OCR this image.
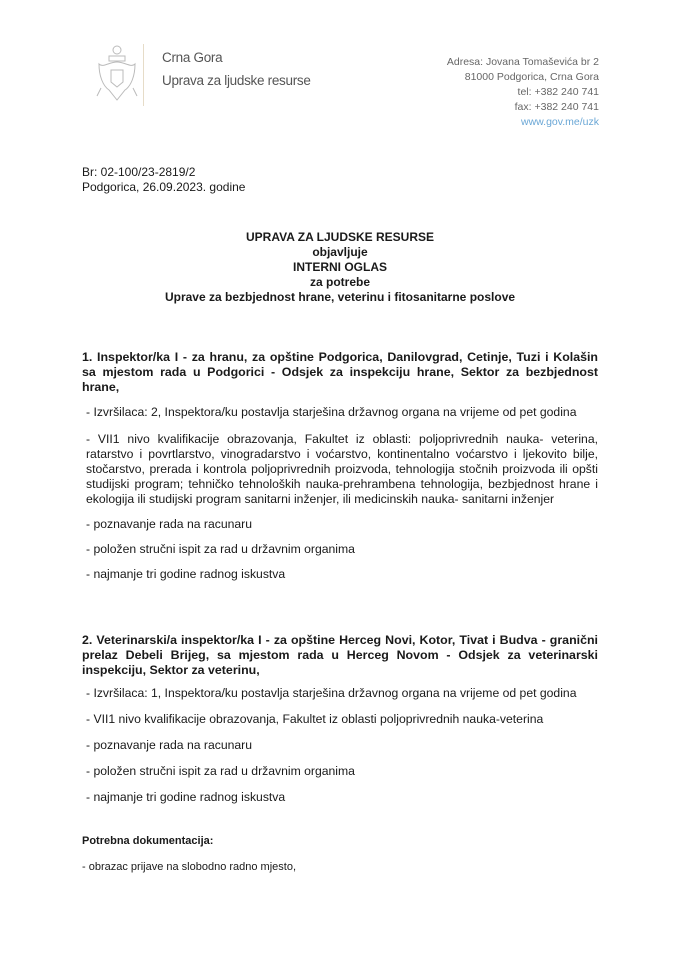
Crna Gora
Uprava za ljudske resurse
Adresa: Jovana Tomaševića br 2
81000 Podgorica, Crna Gora
tel: +382 240 741
fax: +382 240 741
www.gov.me/uzk
Br: 02-100/23-2819/2
Podgorica, 26.09.2023. godine
UPRAVA ZA LJUDSKE RESURSE
objavljuje
INTERNI OGLAS
za potrebe
Uprave za bezbjednost hrane, veterinu i fitosanitarne poslove
1. Inspektor/ka I - za hranu, za opštine Podgorica, Danilovgrad, Cetinje, Tuzi i Kolašin sa mjestom rada u Podgorici - Odsjek za inspekciju hrane, Sektor za bezbjednost hrane,

- Izvršilaca: 2, Inspektora/ku postavlja starješina državnog organa na vrijeme od pet godina

- VII1 nivo kvalifikacije obrazovanja, Fakultet iz oblasti: poljoprivrednih nauka- veterina, ratarstvo i povrtlarstvo, vinogradarstvo i voćarstvo, kontinentalno voćarstvo i ljekovito bilje, stočarstvo, prerada i kontrola poljoprivrednih proizvoda, tehnologija stočnih proizvoda ili opšti studijski program; tehničko tehnoloških nauka-prehrambena tehnologija, bezbjednost hrane i ekologija ili studijski program sanitarni inženjer, ili medicinskih nauka- sanitarni inženjer

- poznavanje rada na racunaru

- položen stručni ispit za rad u državnim organima

- najmanje tri godine radnog iskustva

2. Veterinarski/a inspektor/ka I - za opštine Herceg Novi, Kotor, Tivat i Budva - granični prelaz Debeli Brijeg, sa mjestom rada u Herceg Novom - Odsjek za veterinarski inspekciju, Sektor za veterinu,

- Izvršilaca: 1, Inspektora/ku postavlja starješina državnog organa na vrijeme od pet godina

- VII1 nivo kvalifikacije obrazovanja, Fakultet iz oblasti poljoprivrednih nauka-veterina

- poznavanje rada na racunaru

- položen stručni ispit za rad u državnim organima

- najmanje tri godine radnog iskustva

Potrebna dokumentacija:

- obrazac prijave na slobodno radno mjesto,
